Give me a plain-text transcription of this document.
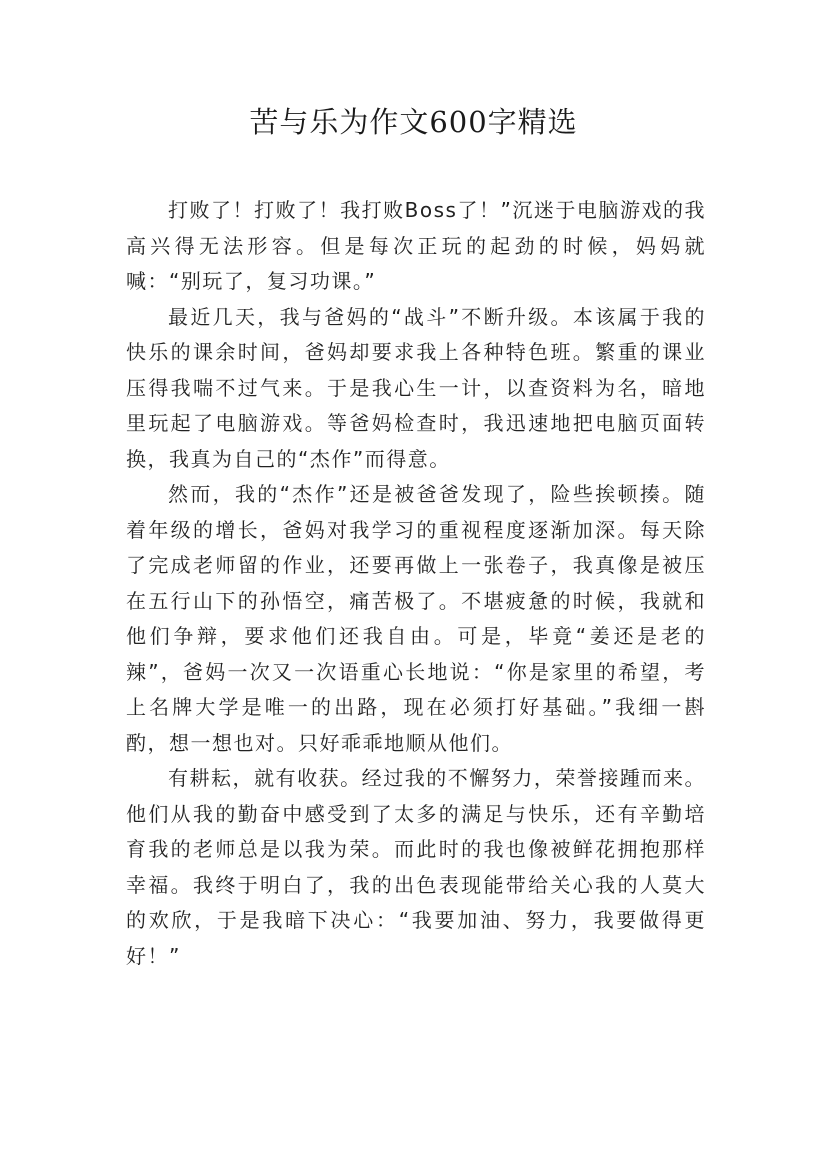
苦与乐为作文600字精选

打败了！打败了！我打败Boss了！”沉迷于电脑游戏的我高兴得无法形容。但是每次正玩的起劲的时候，妈妈就喊：“别玩了，复习功课。”

最近几天，我与爸妈的“战斗”不断升级。本该属于我的快乐的课余时间，爸妈却要求我上各种特色班。繁重的课业压得我喘不过气来。于是我心生一计，以查资料为名，暗地里玩起了电脑游戏。等爸妈检查时，我迅速地把电脑页面转换，我真为自己的“杰作”而得意。

然而，我的“杰作”还是被爸爸发现了，险些挨顿揍。随着年级的增长，爸妈对我学习的重视程度逐渐加深。每天除了完成老师留的作业，还要再做上一张卷子，我真像是被压在五行山下的孙悟空，痛苦极了。不堪疲惫的时候，我就和他们争辩，要求他们还我自由。可是，毕竟“姜还是老的辣”，爸妈一次又一次语重心长地说：“你是家里的希望，考上名牌大学是唯一的出路，现在必须打好基础。”我细一斟酌，想一想也对。只好乖乖地顺从他们。

有耕耘，就有收获。经过我的不懈努力，荣誉接踵而来。他们从我的勤奋中感受到了太多的满足与快乐，还有辛勤培育我的老师总是以我为荣。而此时的我也像被鲜花拥抱那样幸福。我终于明白了，我的出色表现能带给关心我的人莫大的欢欣，于是我暗下决心：“我要加油、努力，我要做得更好！”
